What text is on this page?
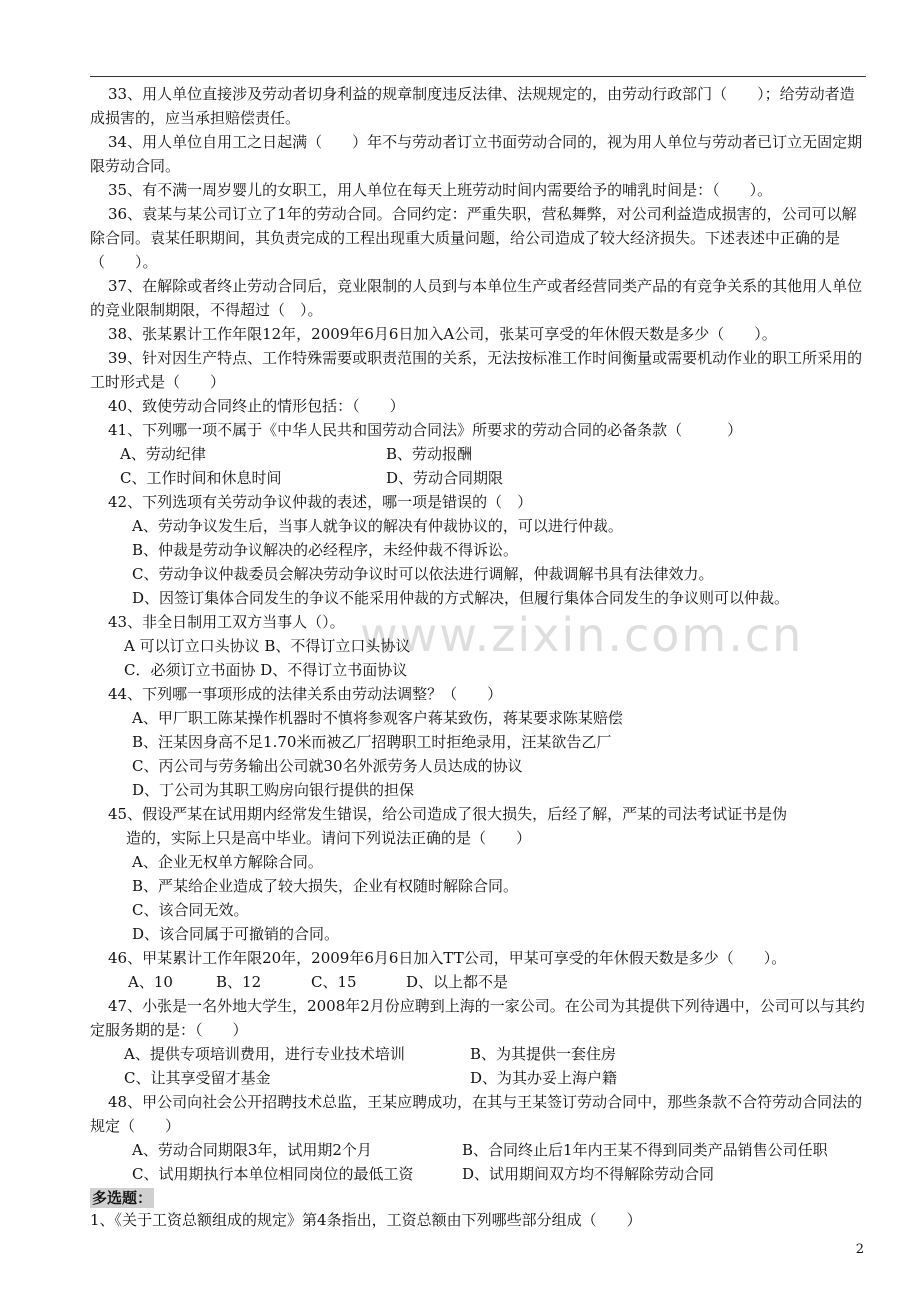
www.zixin.com.cn

33、用人单位直接涉及劳动者切身利益的规章制度违反法律、法规规定的，由劳动行政部门（　　）；给劳动者造成损害的，应当承担赔偿责任。

34、用人单位自用工之日起满（　　）年不与劳动者订立书面劳动合同的，视为用人单位与劳动者已订立无固定期限劳动合同。

35、有不满一周岁婴儿的女职工，用人单位在每天上班劳动时间内需要给予的哺乳时间是：（　　）。

36、袁某与某公司订立了1年的劳动合同。合同约定：严重失职，营私舞弊，对公司利益造成损害的，公司可以解除合同。袁某任职期间，其负责完成的工程出现重大质量问题，给公司造成了较大经济损失。下述表述中正确的是（　　）。

37、在解除或者终止劳动合同后，竞业限制的人员到与本单位生产或者经营同类产品的有竞争关系的其他用人单位的竞业限制期限，不得超过（　）。

38、张某累计工作年限12年，2009年6月6日加入A公司，张某可享受的年休假天数是多少（　　）。

39、针对因生产特点、工作特殊需要或职责范围的关系，无法按标准工作时间衡量或需要机动作业的职工所采用的工时形式是（　　）

40、致使劳动合同终止的情形包括：（　　）

41、下列哪一项不属于《中华人民共和国劳动合同法》所要求的劳动合同的必备条款（　　　）

A、劳动纪律	B、劳动报酬
C、工作时间和休息时间	D、劳动合同期限

42、下列选项有关劳动争议仲裁的表述，哪一项是错误的（　）

A、劳动争议发生后，当事人就争议的解决有仲裁协议的，可以进行仲裁。

B、仲裁是劳动争议解决的必经程序，未经仲裁不得诉讼。

C、劳动争议仲裁委员会解决劳动争议时可以依法进行调解，仲裁调解书具有法律效力。

D、因签订集体合同发生的争议不能采用仲裁的方式解决，但履行集体合同发生的争议则可以仲裁。

43、非全日制用工双方当事人（）。

A 可以订立口头协议 B、不得订立口头协议

C．必须订立书面协 D、不得订立书面协议

44、下列哪一事项形成的法律关系由劳动法调整？（　　）

A、甲厂职工陈某操作机器时不慎将参观客户蒋某致伤，蒋某要求陈某赔偿

B、汪某因身高不足1.70米而被乙厂招聘职工时拒绝录用，汪某欲告乙厂

C、丙公司与劳务输出公司就30名外派劳务人员达成的协议

D、丁公司为其职工购房向银行提供的担保

45、假设严某在试用期内经常发生错误，给公司造成了很大损失，后经了解，严某的司法考试证书是伪

造的，实际上只是高中毕业。请问下列说法正确的是（　　）

A、企业无权单方解除合同。

B、严某给企业造成了较大损失，企业有权随时解除合同。

C、该合同无效。

D、该合同属于可撤销的合同。

46、甲某累计工作年限20年，2009年6月6日加入TT公司，甲某可享受的年休假天数是多少（　　）。

A、10	B、12	C、15	D、以上都不是

47、小张是一名外地大学生，2008年2月份应聘到上海的一家公司。在公司为其提供下列待遇中，公司可以与其约定服务期的是：（　　）

A、提供专项培训费用，进行专业技术培训	B、为其提供一套住房
C、让其享受留才基金	D、为其办妥上海户籍

48、甲公司向社会公开招聘技术总监，王某应聘成功，在其与王某签订劳动合同中，那些条款不合符劳动合同法的规定（　　）

A、劳动合同期限3年，试用期2个月	B、合同终止后1年内王某不得到同类产品销售公司任职
C、试用期执行本单位相同岗位的最低工资	D、试用期间双方均不得解除劳动合同
多选题：

1、《关于工资总额组成的规定》第4条指出，工资总额由下列哪些部分组成（　　）

2
